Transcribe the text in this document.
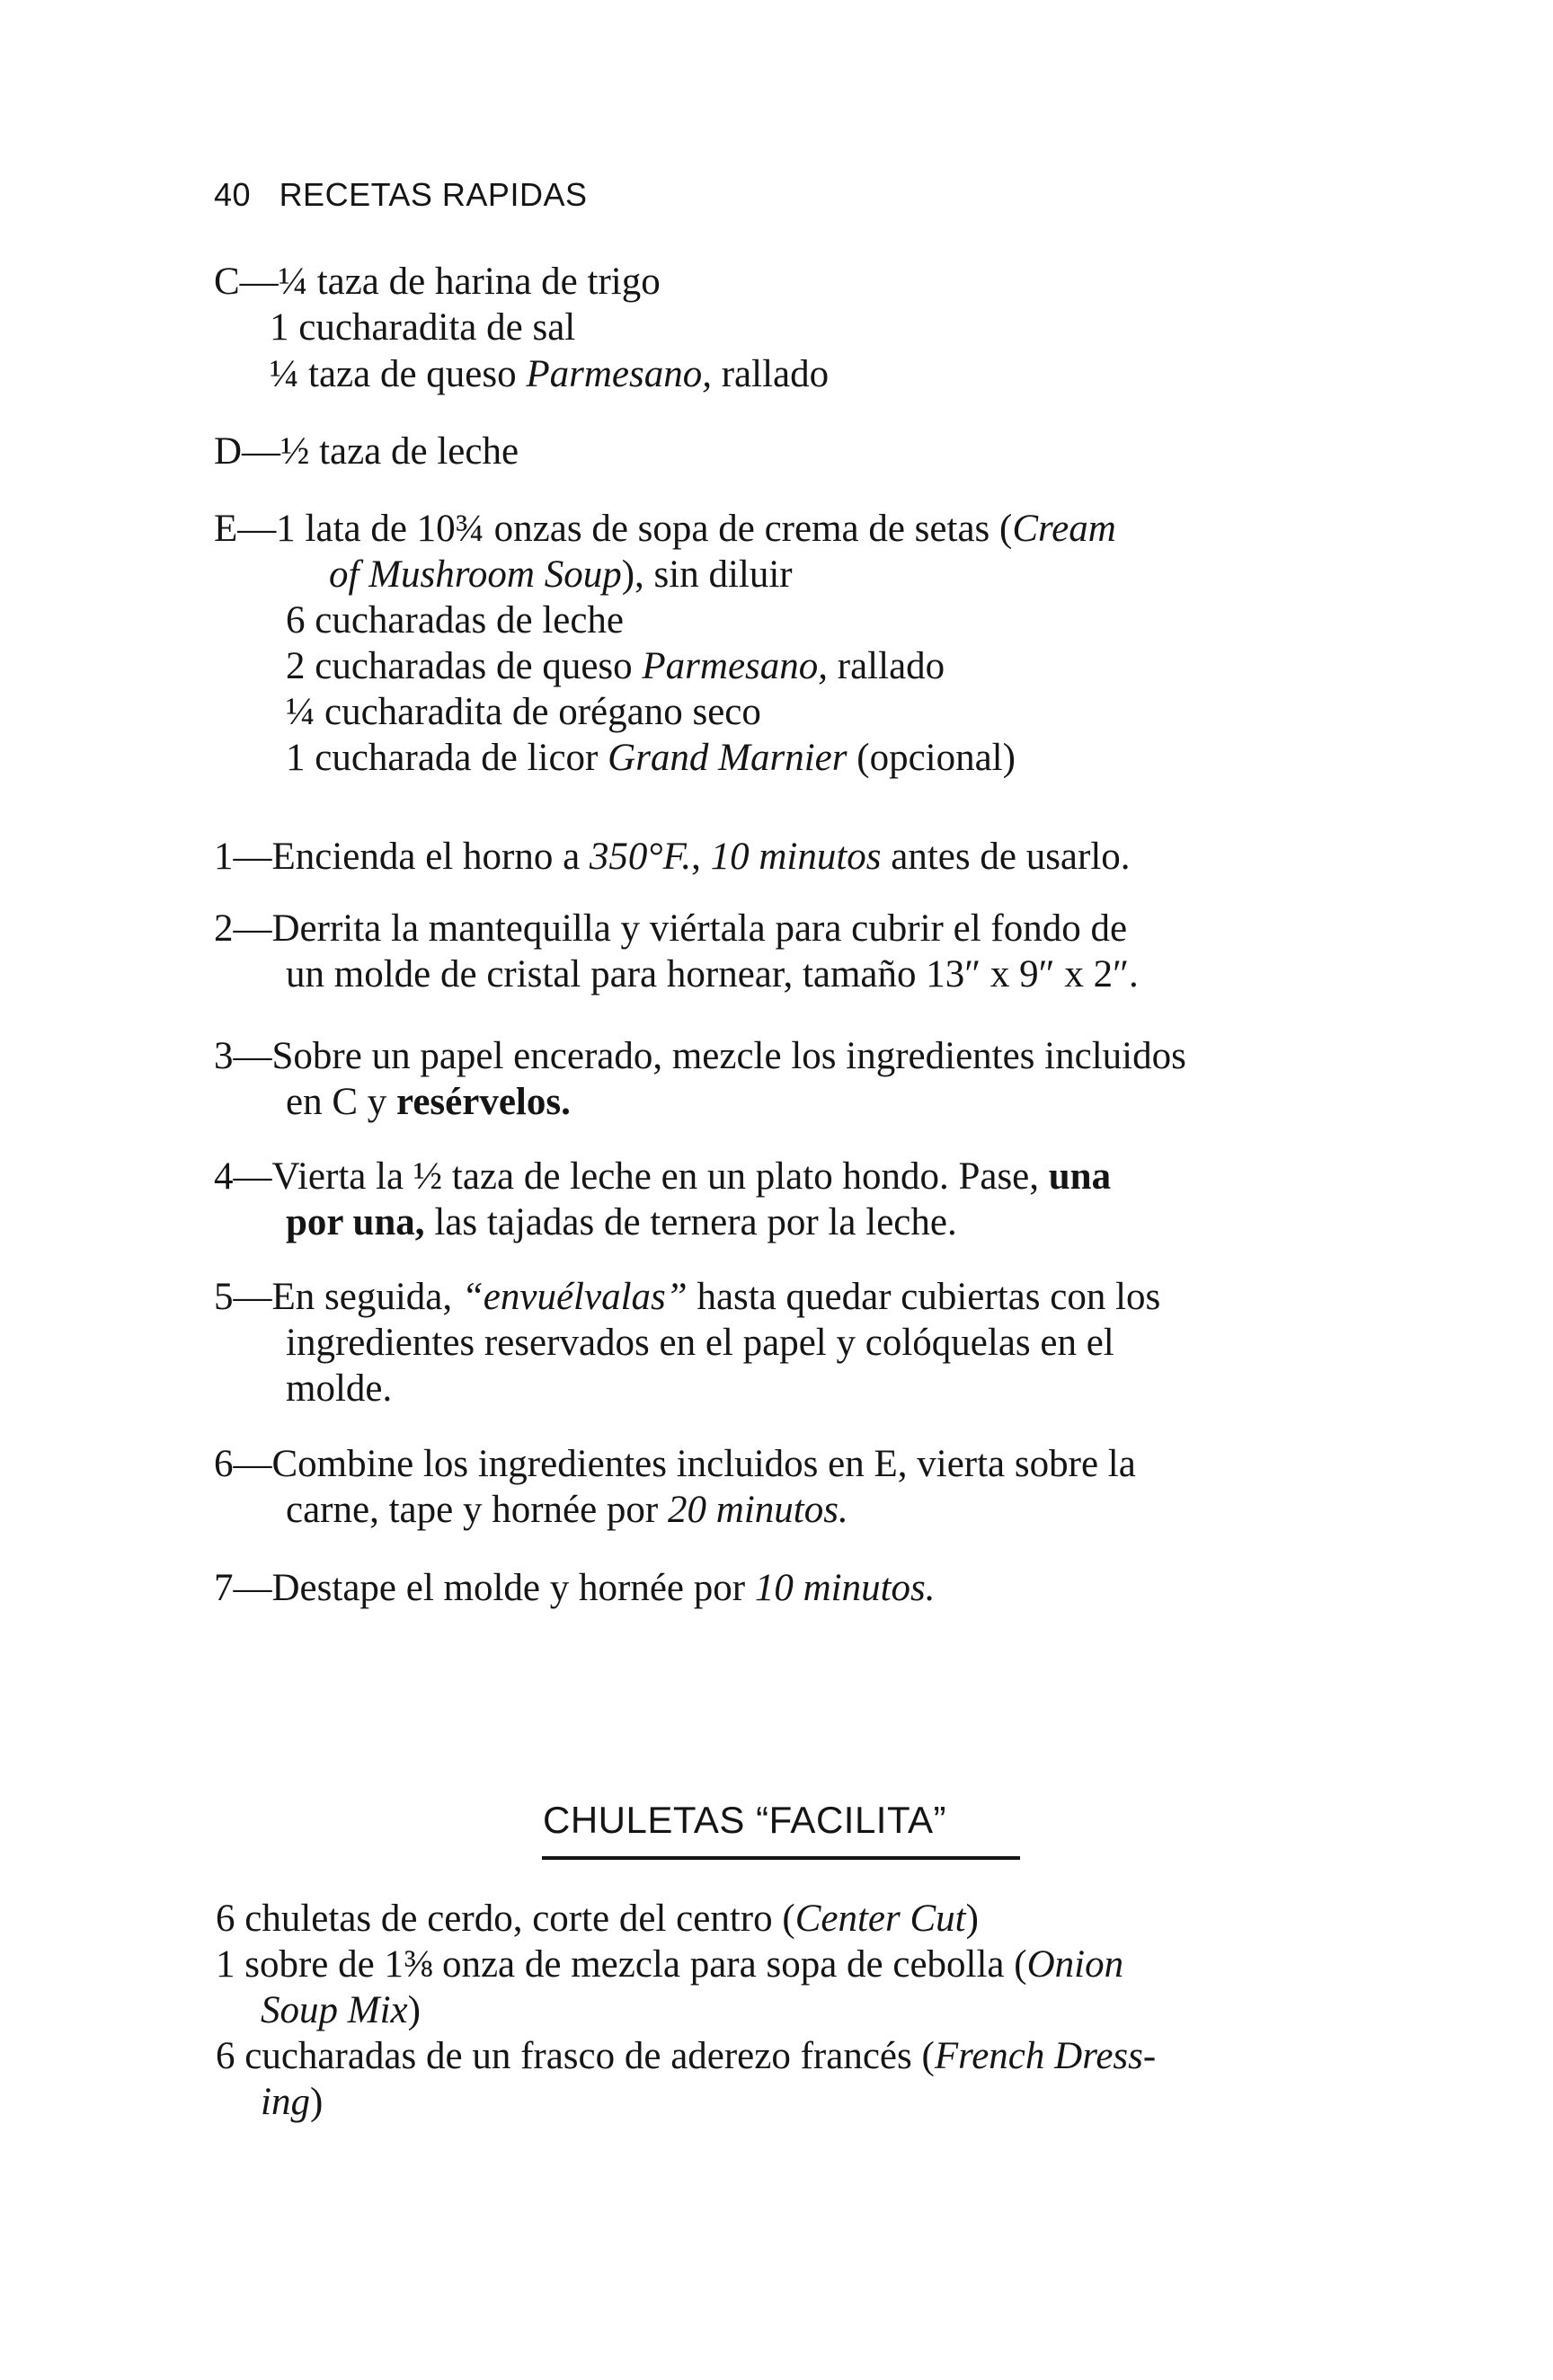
40 RECETAS RAPIDAS
C—¼ taza de harina de trigo
1 cucharadita de sal
¼ taza de queso Parmesano, rallado
D—½ taza de leche
E—1 lata de 10¾ onzas de sopa de crema de setas (Cream
of Mushroom Soup), sin diluir
6 cucharadas de leche
2 cucharadas de queso Parmesano, rallado
¼ cucharadita de orégano seco
1 cucharada de licor Grand Marnier (opcional)
1—Encienda el horno a 350°F., 10 minutos antes de usarlo.
2—Derrita la mantequilla y viértala para cubrir el fondo de
un molde de cristal para hornear, tamaño 13″ x 9″ x 2″.
3—Sobre un papel encerado, mezcle los ingredientes incluidos
en C y resérvelos.
4—Vierta la ½ taza de leche en un plato hondo. Pase, una
por una, las tajadas de ternera por la leche.
5—En seguida, “envuélvalas” hasta quedar cubiertas con los
ingredientes reservados en el papel y colóquelas en el
molde.
6—Combine los ingredientes incluidos en E, vierta sobre la
carne, tape y hornée por 20 minutos.
7—Destape el molde y hornée por 10 minutos.
CHULETAS “FACILITA”
6 chuletas de cerdo, corte del centro (Center Cut)
1 sobre de 1⅜ onza de mezcla para sopa de cebolla (Onion
Soup Mix)
6 cucharadas de un frasco de aderezo francés (French Dress-
ing)
